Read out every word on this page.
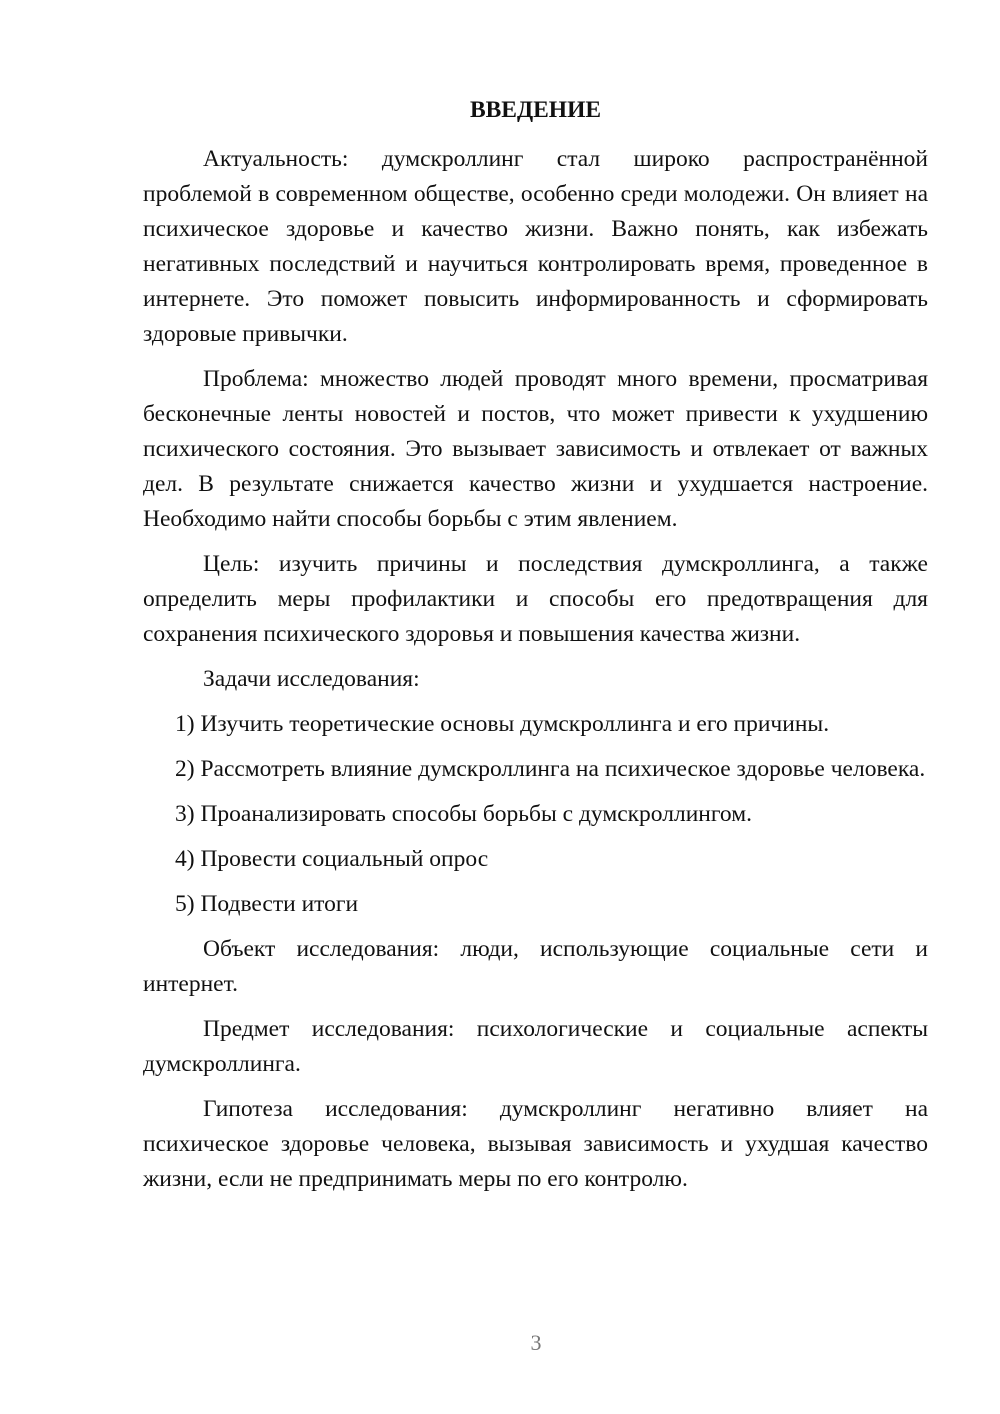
ВВЕДЕНИЕ

Актуальность: думскроллинг стал широко распространённой проблемой в современном обществе, особенно среди молодежи. Он влияет на психическое здоровье и качество жизни. Важно понять, как избежать негативных последствий и научиться контролировать время, проведенное в интернете. Это поможет повысить информированность и сформировать здоровые привычки.

Проблема: множество людей проводят много времени, просматривая бесконечные ленты новостей и постов, что может привести к ухудшению психического состояния. Это вызывает зависимость и отвлекает от важных дел. В результате снижается качество жизни и ухудшается настроение. Необходимо найти способы борьбы с этим явлением.

Цель: изучить причины и последствия думскроллинга, а также определить меры профилактики и способы его предотвращения для сохранения психического здоровья и повышения качества жизни.

Задачи исследования:

1) Изучить теоретические основы думскроллинга и его причины.

2) Рассмотреть влияние думскроллинга на психическое здоровье человека.

3) Проанализировать способы борьбы с думскроллингом.

4) Провести социальный опрос

5) Подвести итоги

Объект исследования: люди, использующие социальные сети и интернет.

Предмет исследования: психологические и социальные аспекты думскроллинга.

Гипотеза исследования: думскроллинг негативно влияет на психическое здоровье человека, вызывая зависимость и ухудшая качество жизни, если не предпринимать меры по его контролю.

3
